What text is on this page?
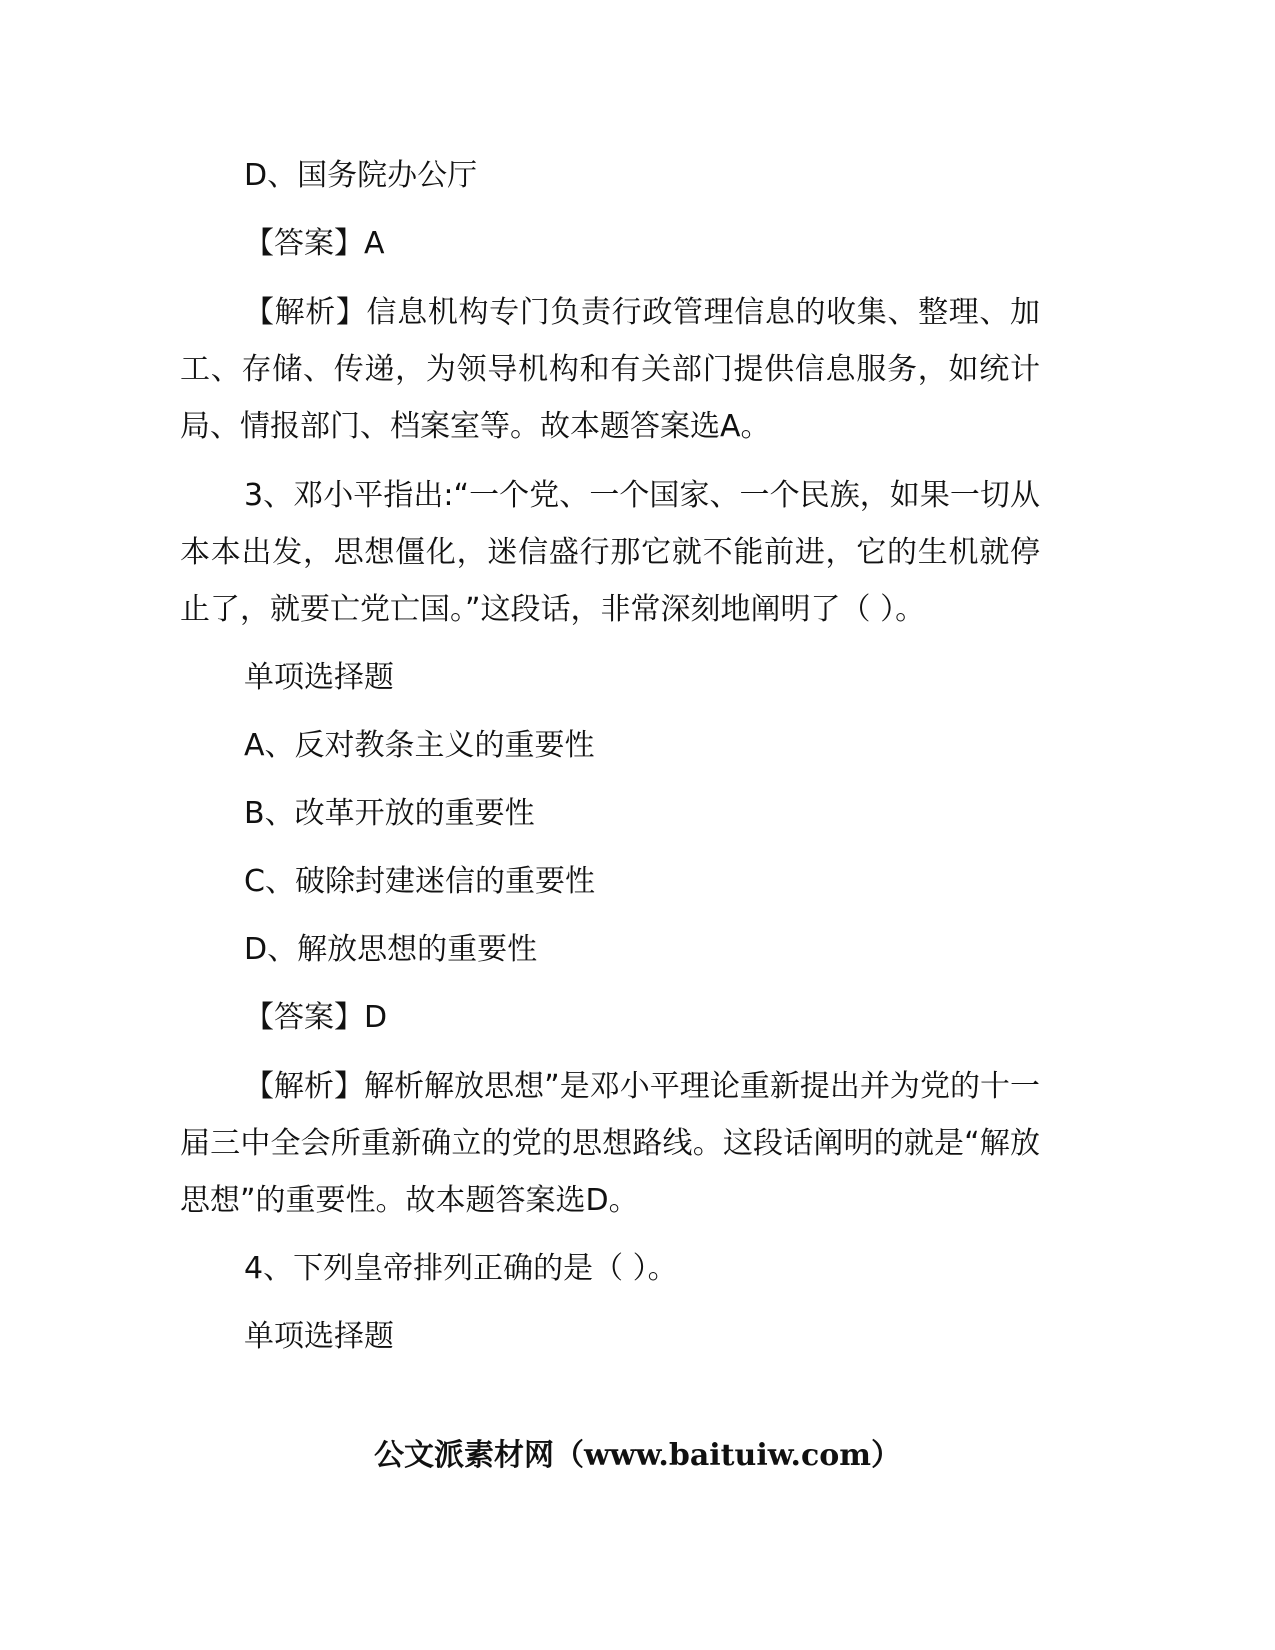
D、国务院办公厅
【答案】A
【解析】信息机构专门负责行政管理信息的收集、整理、加工、存储、传递，为领导机构和有关部门提供信息服务，如统计局、情报部门、档案室等。故本题答案选A。
3、邓小平指出:“一个党、一个国家、一个民族，如果一切从本本出发，思想僵化，迷信盛行那它就不能前进，它的生机就停止了，就要亡党亡国。”这段话，非常深刻地阐明了（ ）。
单项选择题
A、反对教条主义的重要性
B、改革开放的重要性
C、破除封建迷信的重要性
D、解放思想的重要性
【答案】D
【解析】解析解放思想”是邓小平理论重新提出并为党的十一届三中全会所重新确立的党的思想路线。这段话阐明的就是“解放思想”的重要性。故本题答案选D。
4、下列皇帝排列正确的是（ ）。
单项选择题
公文派素材网（www.baituiw.com）
